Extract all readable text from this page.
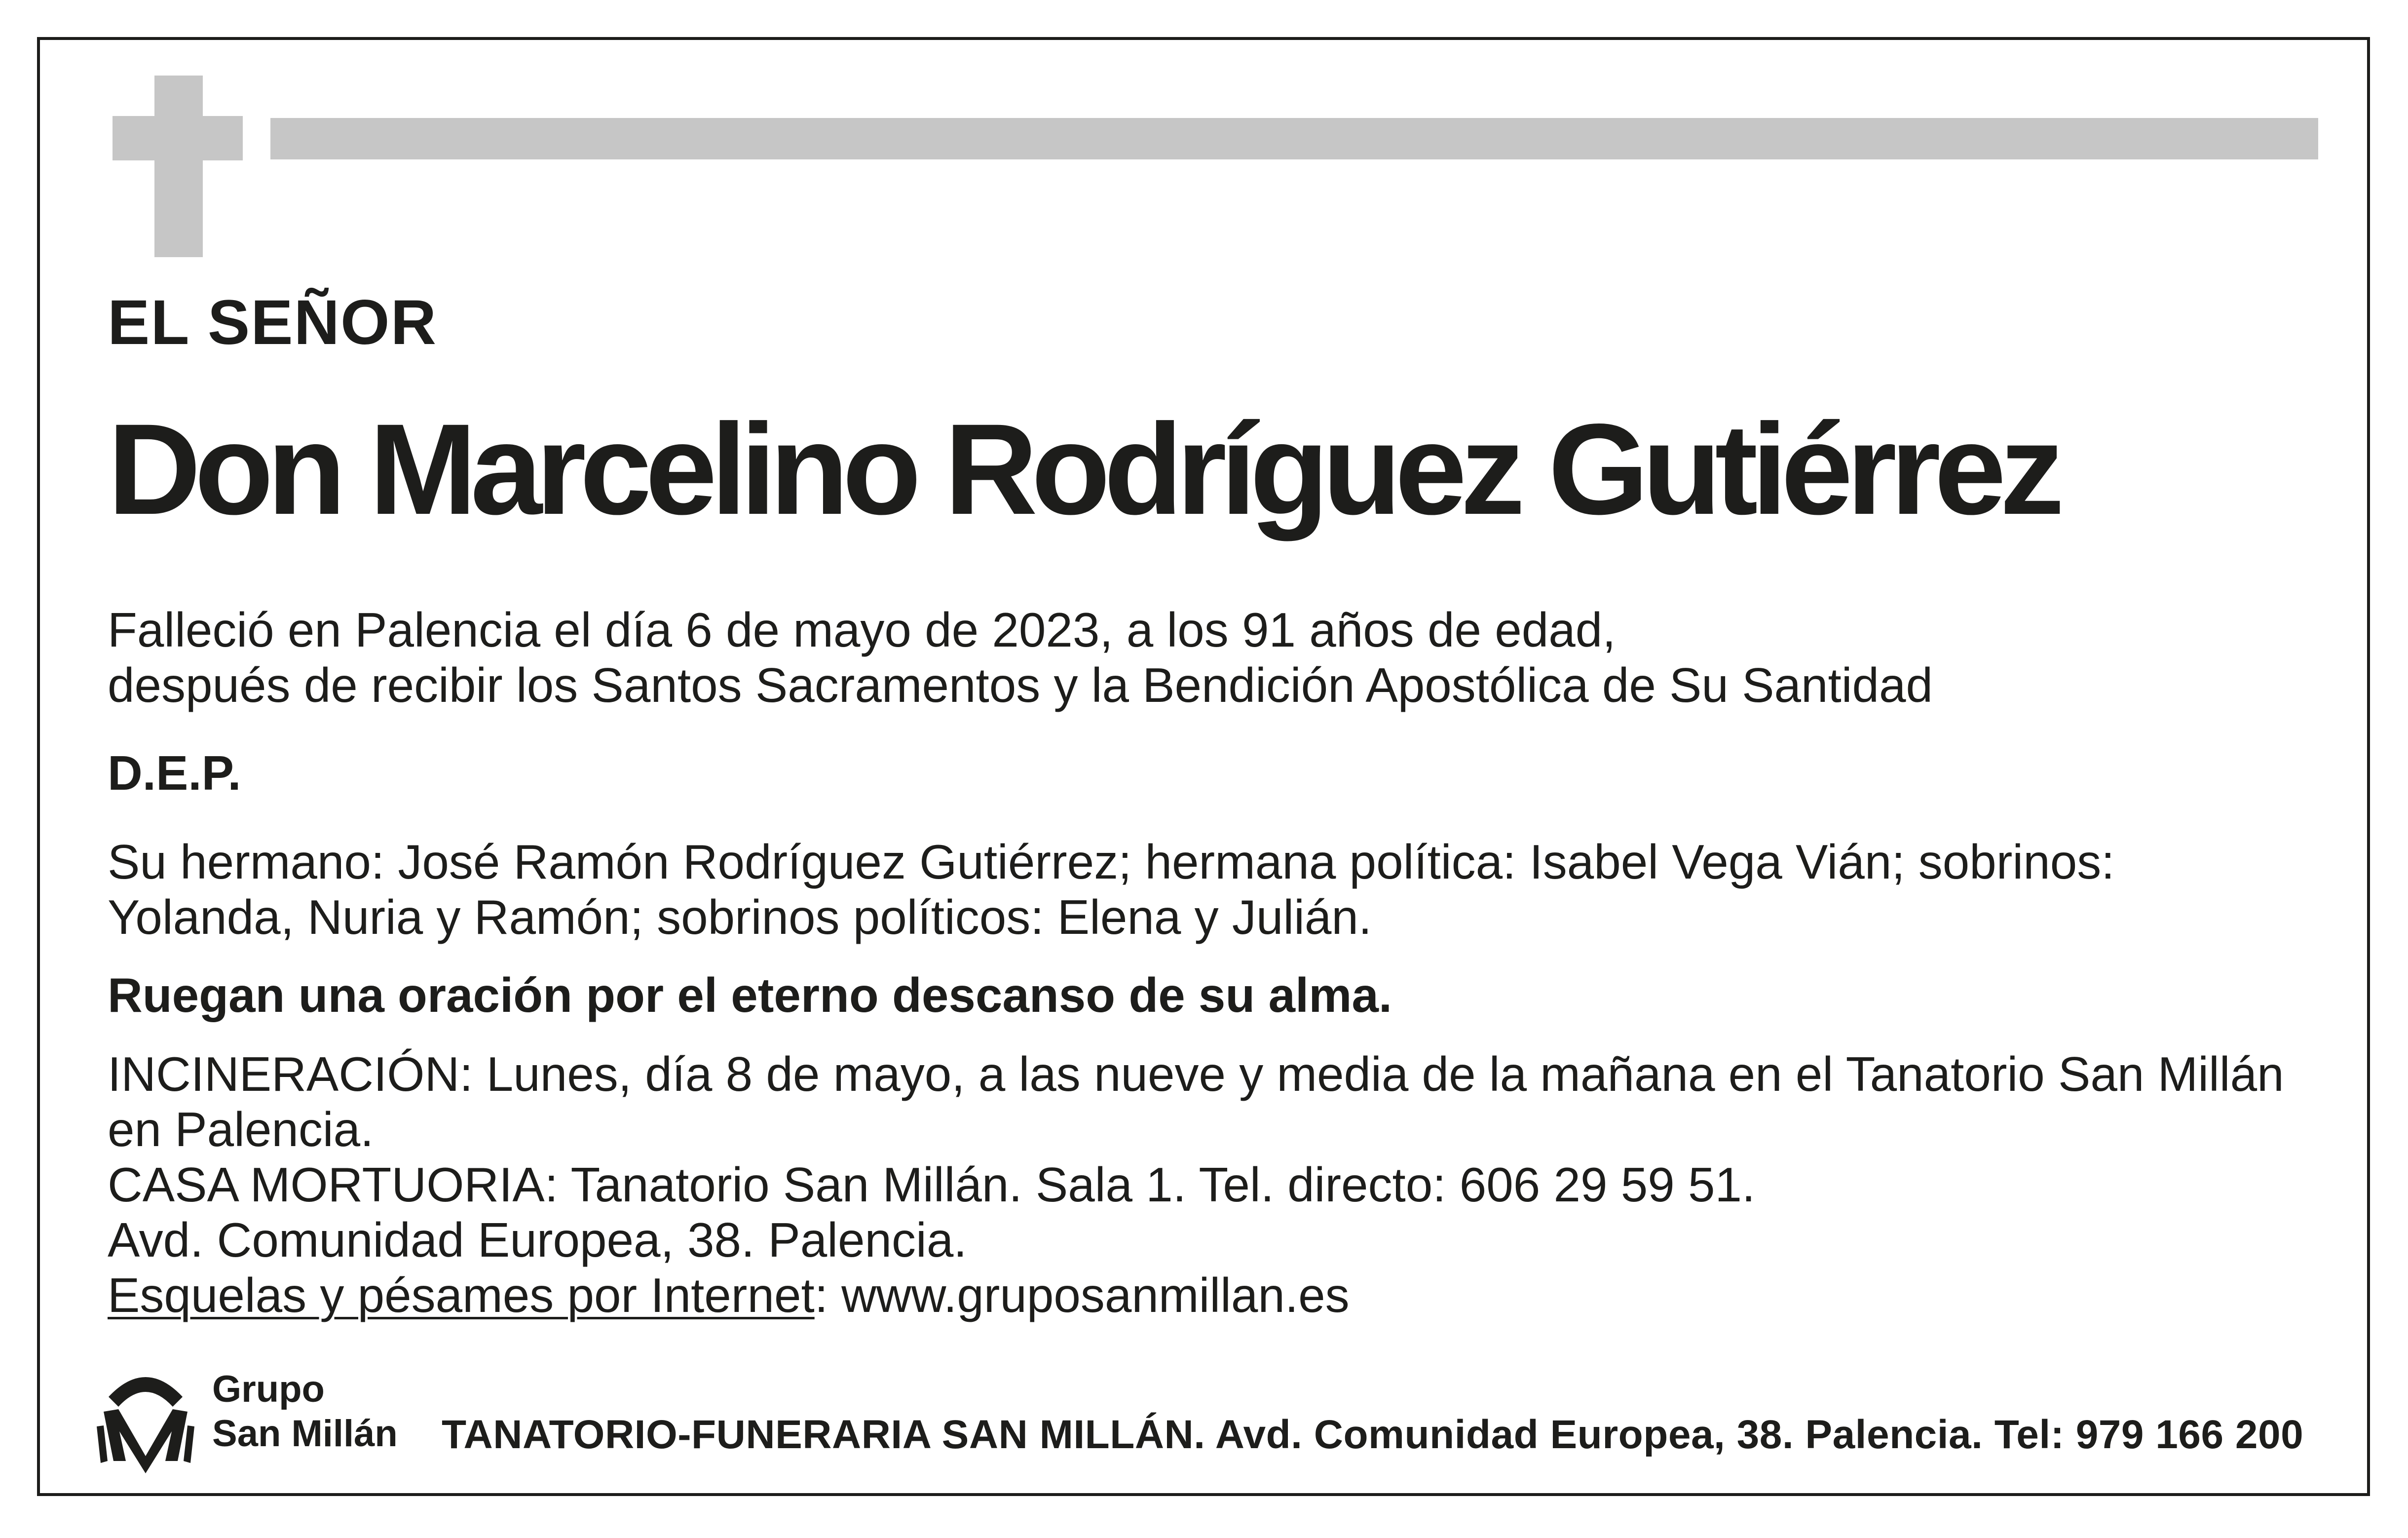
EL SEÑOR

Don Marcelino Rodríguez Gutiérrez
Falleció en Palencia el día 6 de mayo de 2023, a los 91 años de edad,
después de recibir los Santos Sacramentos y la Bendición Apostólica de Su Santidad
D.E.P.
Su hermano: José Ramón Rodríguez Gutiérrez; hermana política: Isabel Vega Vián; sobrinos:
Yolanda, Nuria y Ramón; sobrinos políticos: Elena y Julián.
Ruegan una oración por el eterno descanso de su alma.
INCINERACIÓN: Lunes, día 8 de mayo, a las nueve y media de la mañana en el Tanatorio San Millán
en Palencia.
CASA MORTUORIA: Tanatorio San Millán. Sala 1. Tel. directo: 606 29 59 51.
Avd. Comunidad Europea, 38. Palencia.
Esquelas y pésames por Internet: www.gruposanmillan.es
Grupo
San Millán TANATORIO-FUNERARIA SAN MILLÁN. Avd. Comunidad Europea, 38. Palencia. Tel: 979 166 200
